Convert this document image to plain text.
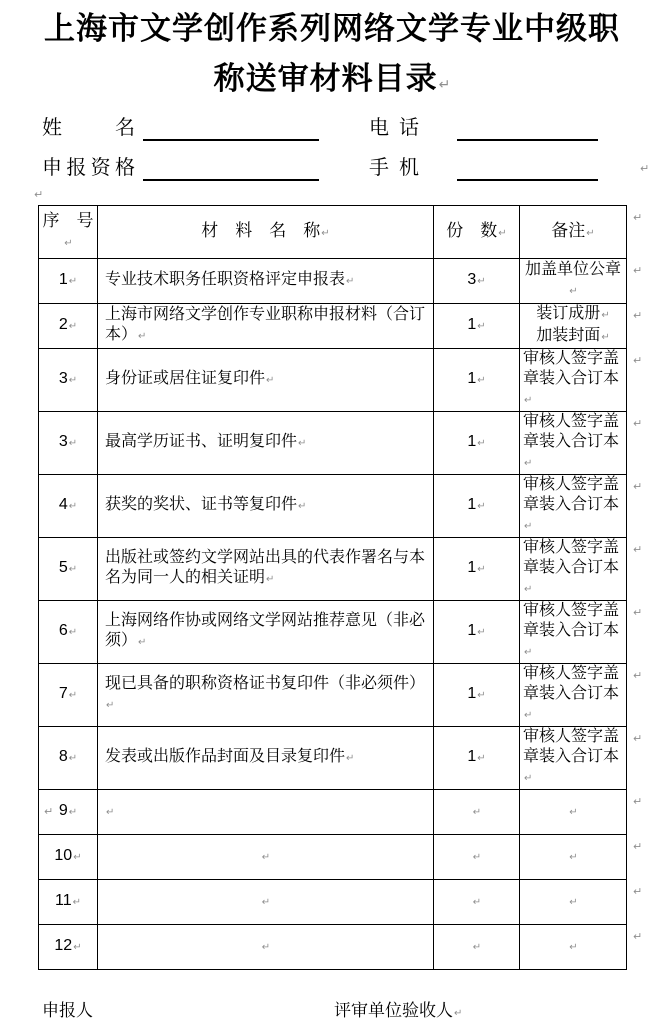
上海市文学创作系列网络文学专业中级职
称送审材料目录↵
姓名	电话
申报资格	手机	↵
↵
↵
序　号↵	材　料　名　称↵	份　数↵	备注↵
1↵	专业技术职务任职资格评定申报表↵	3↵	加盖单位公章↵

2↵	上海市网络文学创作专业职称申报材料（合订本）↵	1↵	装订成册↵
加装封面↵

3↵	身份证或居住证复印件↵	1↵	审核人签字盖章装入合订本↵

3↵	最高学历证书、证明复印件↵	1↵	审核人签字盖章装入合订本↵

4↵	获奖的奖状、证书等复印件↵	1↵	审核人签字盖章装入合订本↵

5↵	出版社或签约文学网站出具的代表作署名与本名为同一人的相关证明↵	1↵	审核人签字盖章装入合订本↵

6↵	上海网络作协或网络文学网站推荐意见（非必须）↵	1↵	审核人签字盖章装入合订本↵

7↵	现已具备的职称资格证书复印件（非必须件）↵	1↵	审核人签字盖章装入合订本↵

8↵	发表或出版作品封面及目录复印件↵	1↵	审核人签字盖章装入合订本↵

9↵	↵	↵	↵

10↵	↵	↵	↵

11↵	↵	↵	↵

12↵	↵	↵	↵
↵
↵
↵
↵
↵
↵
↵
↵
↵
↵
↵
↵
↵
↵
申报人	评审单位验收人↵
